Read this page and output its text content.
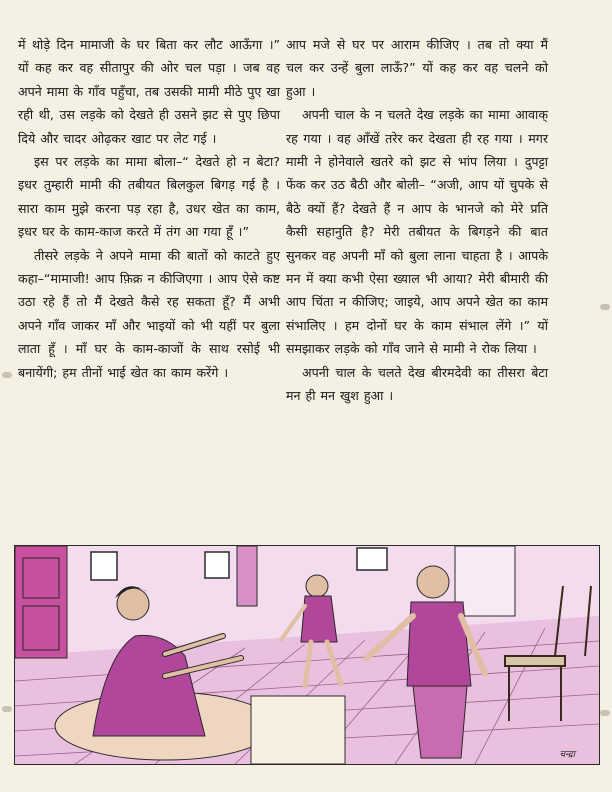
में थोड़े दिन मामाजी के घर बिता कर लौट आऊँगा ।” यों कह कर वह सीतापुर की ओर चल पड़ा । जब वह अपने मामा के गाँव पहुँचा, तब उसकी मामी मीठे पुए खा रही थी, उस लड़के को देखते ही उसने झट से पुए छिपा दिये और चादर ओढ़कर खाट पर लेट गई ।

इस पर लड़के का मामा बोला–“ देखते हो न बेटा? इधर तुम्हारी मामी की तबीयत बिलकुल बिगड़ गई है । सारा काम मुझे करना पड़ रहा है, उधर खेत का काम, इधर घर के काम-काज करते में तंग आ गया हूँ ।”

तीसरे लड़के ने अपने मामा की बातों को काटते हुए कहा–“मामाजी! आप फ़िक्र न कीजिएगा । आप ऐसे कष्ट उठा रहे हैं तो मैं देखते कैसे रह सकता हूँ? मैं अभी अपने गाँव जाकर माँ और भाइयों को भी यहीं पर बुला लाता हूँ । माँ घर के काम-काजों के साथ रसोई भी बनायेंगी; हम तीनों भाई खेत का काम करेंगे ।

आप मजे से घर पर आराम कीजिए । तब तो क्या मैं चल कर उन्हें बुला लाऊँ?” यों कह कर वह चलने को हुआ ।

अपनी चाल के न चलते देख लड़के का मामा आवाक् रह गया । वह आँखें तरेर कर देखता ही रह गया । मगर मामी ने होनेवाले खतरे को झट से भांप लिया । दुपट्टा फेंक कर उठ बैठी और बोली– “अजी, आप यों चुपके से बैठे क्यों हैं? देखते हैं न आप के भानजे को मेरे प्रति कैसी सहानुति है? मेरी तबीयत के बिगड़ने की बात सुनकर वह अपनी माँ को बुला लाना चाहता है । आपके मन में क्या कभी ऐसा ख्याल भी आया? मेरी बीमारी की आप चिंता न कीजिए; जाइये, आप अपने खेत का काम संभालिए । हम दोनों घर के काम संभाल लेंगे ।” यों समझाकर लड़के को गाँव जाने से मामी ने रोक लिया ।

अपनी चाल के चलते देख बीरमदेवी का तीसरा बेटा मन ही मन खुश हुआ ।

चन्द्रा
